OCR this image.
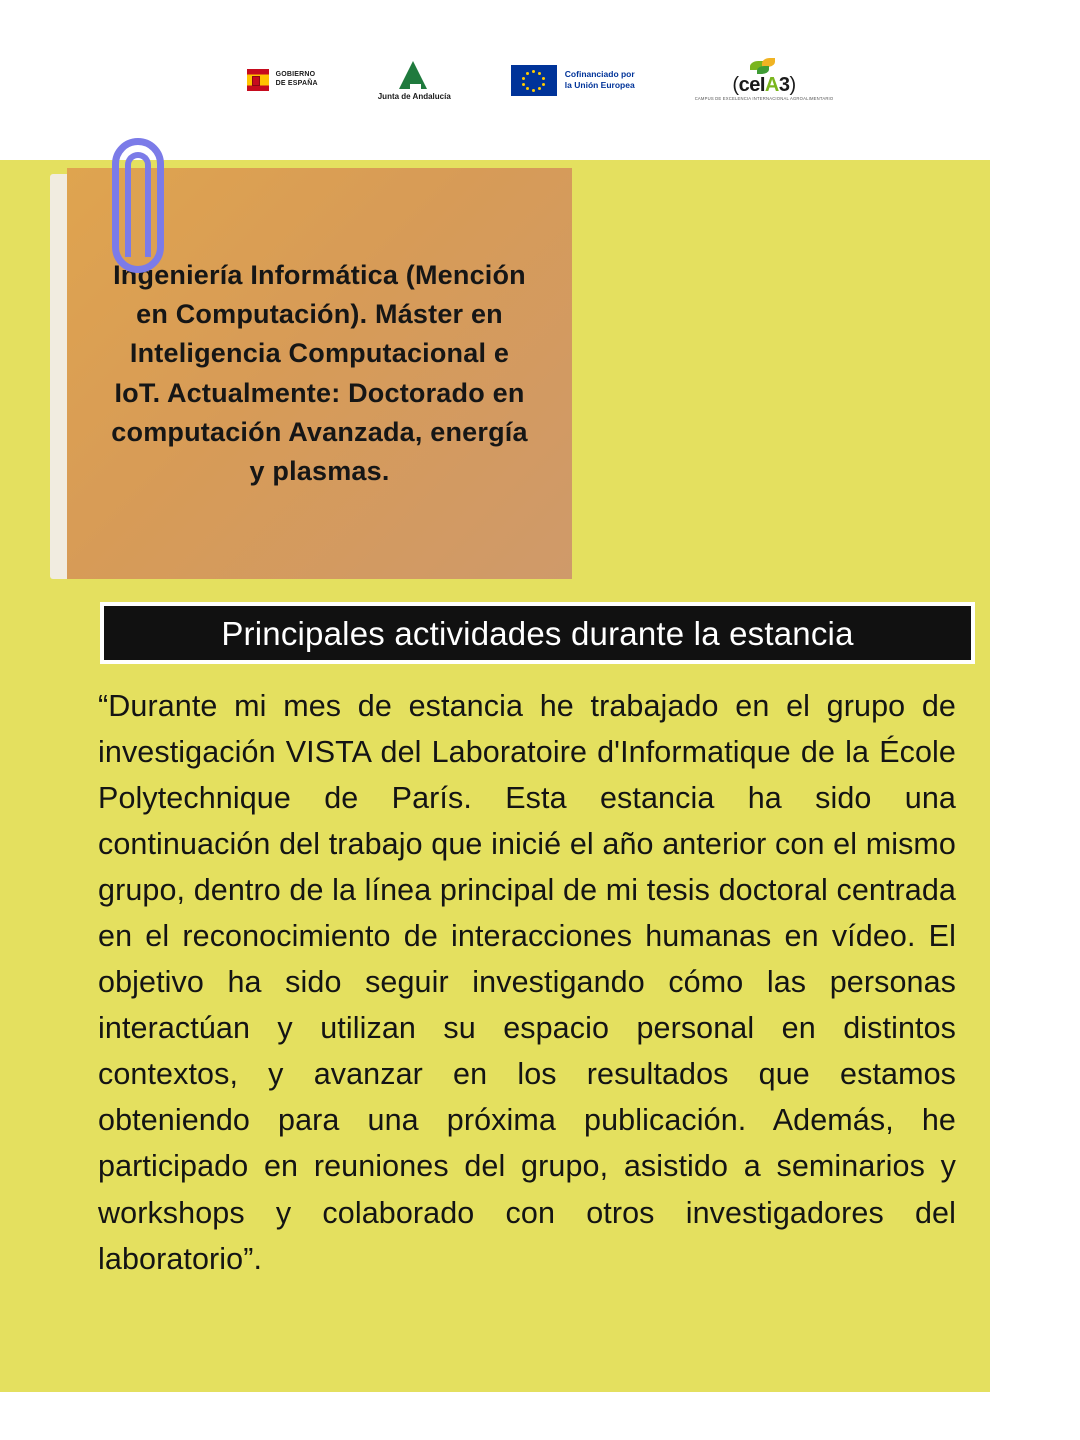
GOBIERNO
DE ESPAÑA
Junta de Andalucía
Cofinanciado por
la Unión Europea	(ceIA3)
CAMPUS DE EXCELENCIA INTERNACIONAL AGROALIMENTARIO
Ingeniería Informática (Mención en Computación). Máster en Inteligencia Computacional e IoT. Actualmente: Doctorado en computación Avanzada, energía y plasmas.
Principales actividades durante la estancia
“Durante mi mes de estancia he trabajado en el grupo de investigación VISTA del Laboratoire d'Informatique de la École Polytechnique de París. Esta estancia ha sido una continuación del trabajo que inicié el año anterior con el mismo grupo, dentro de la línea principal de mi tesis doctoral centrada en el reconocimiento de interacciones humanas en vídeo. El objetivo ha sido seguir investigando cómo las personas interactúan y utilizan su espacio personal en distintos contextos, y avanzar en los resultados que estamos obteniendo para una próxima publicación. Además, he participado en reuniones del grupo, asistido a seminarios y workshops y colaborado con otros investigadores del laboratorio”.
